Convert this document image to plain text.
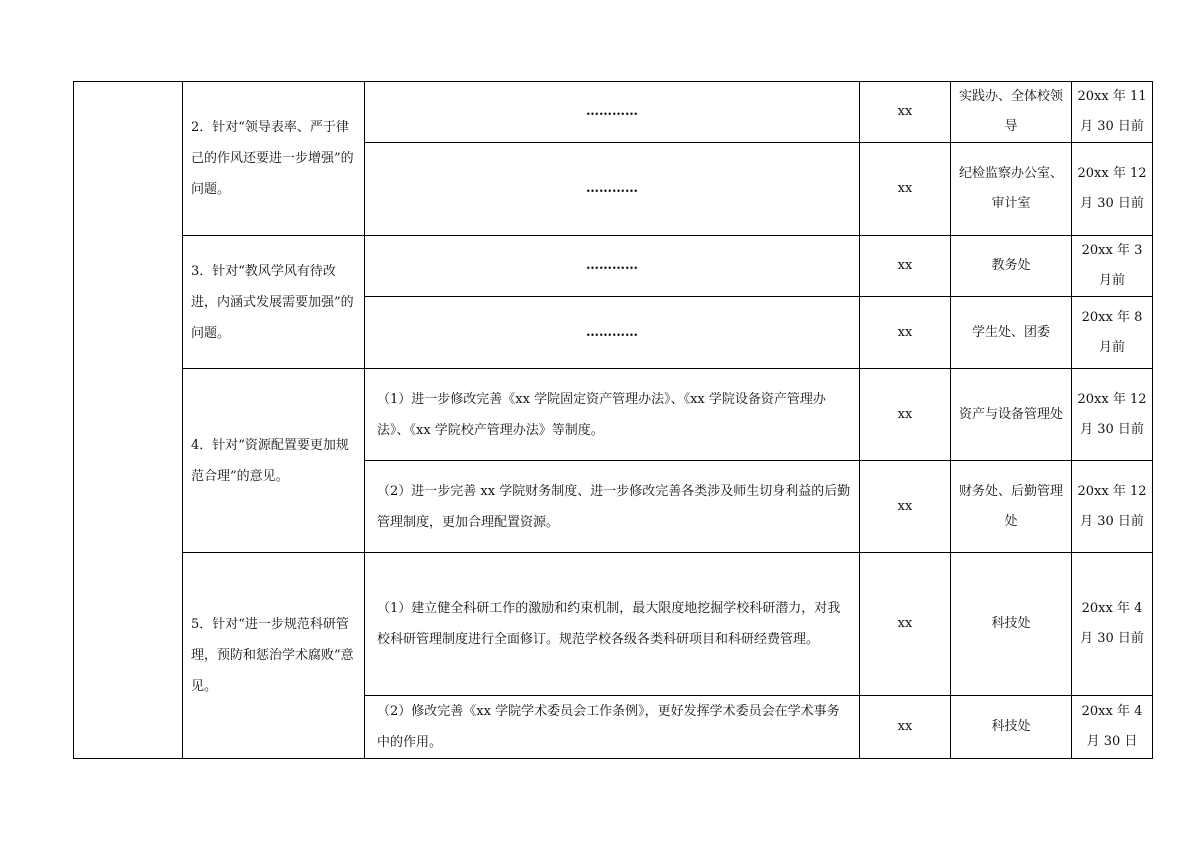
	2．针对“领导表率、严于律己的作风还要进一步增强”的问题。	…………	xx	实践办、全体校领导	20xx 年 11 月 30 日前
		…………	xx	纪检监察办公室、审计室	20xx 年 12 月 30 日前
	3．针对“教风学风有待改进，内涵式发展需要加强”的问题。	…………	xx	教务处	20xx 年 3 月前
		…………	xx	学生处、团委	20xx 年 8 月前
	4．针对“资源配置要更加规范合理”的意见。	（1）进一步修改完善《xx 学院固定资产管理办法》、《xx 学院设备资产管理办法》、《xx 学院校产管理办法》等制度。	xx	资产与设备管理处	20xx 年 12 月 30 日前
		（2）进一步完善 xx 学院财务制度、进一步修改完善各类涉及师生切身利益的后勤管理制度，更加合理配置资源。	xx	财务处、后勤管理处	20xx 年 12 月 30 日前
	5．针对“进一步规范科研管理，预防和惩治学术腐败”意见。	（1）建立健全科研工作的激励和约束机制，最大限度地挖掘学校科研潜力，对我校科研管理制度进行全面修订。规范学校各级各类科研项目和科研经费管理。	xx	科技处	20xx 年 4 月 30 日前
		（2）修改完善《xx 学院学术委员会工作条例》，更好发挥学术委员会在学术事务中的作用。	xx	科技处	20xx 年 4 月 30 日
